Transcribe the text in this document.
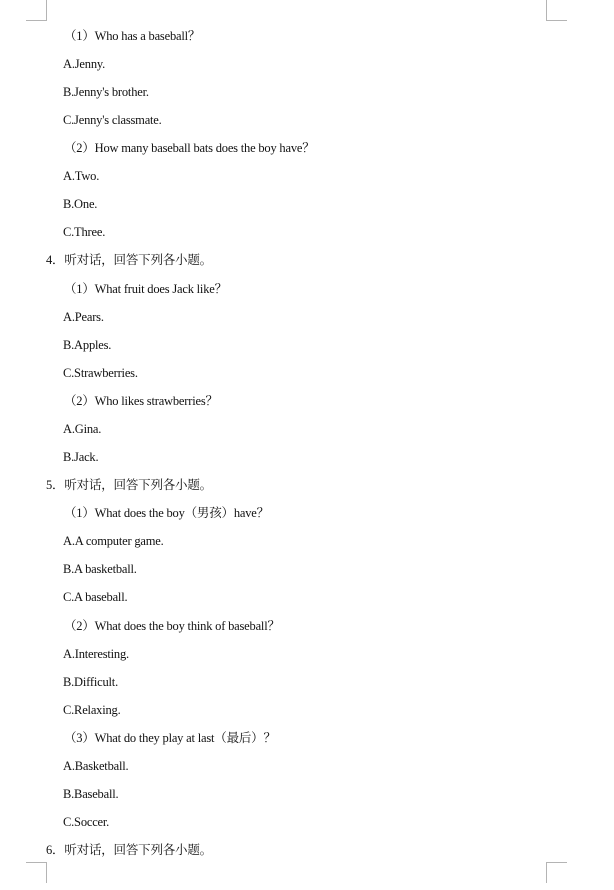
（1）Who has a baseball？
A.Jenny.
B.Jenny's brother.
C.Jenny's classmate.
（2）How many baseball bats does the boy have？
A.Two.
B.One.
C.Three.
4．听对话，回答下列各小题。
（1）What fruit does Jack like？
A.Pears.
B.Apples.
C.Strawberries.
（2）Who likes strawberries？
A.Gina.
B.Jack.
5．听对话，回答下列各小题。
（1）What does the boy（男孩）have？
A.A computer game.
B.A basketball.
C.A baseball.
（2）What does the boy think of baseball？
A.Interesting.
B.Difficult.
C.Relaxing.
（3）What do they play at last（最后）？
A.Basketball.
B.Baseball.
C.Soccer.
6．听对话，回答下列各小题。
